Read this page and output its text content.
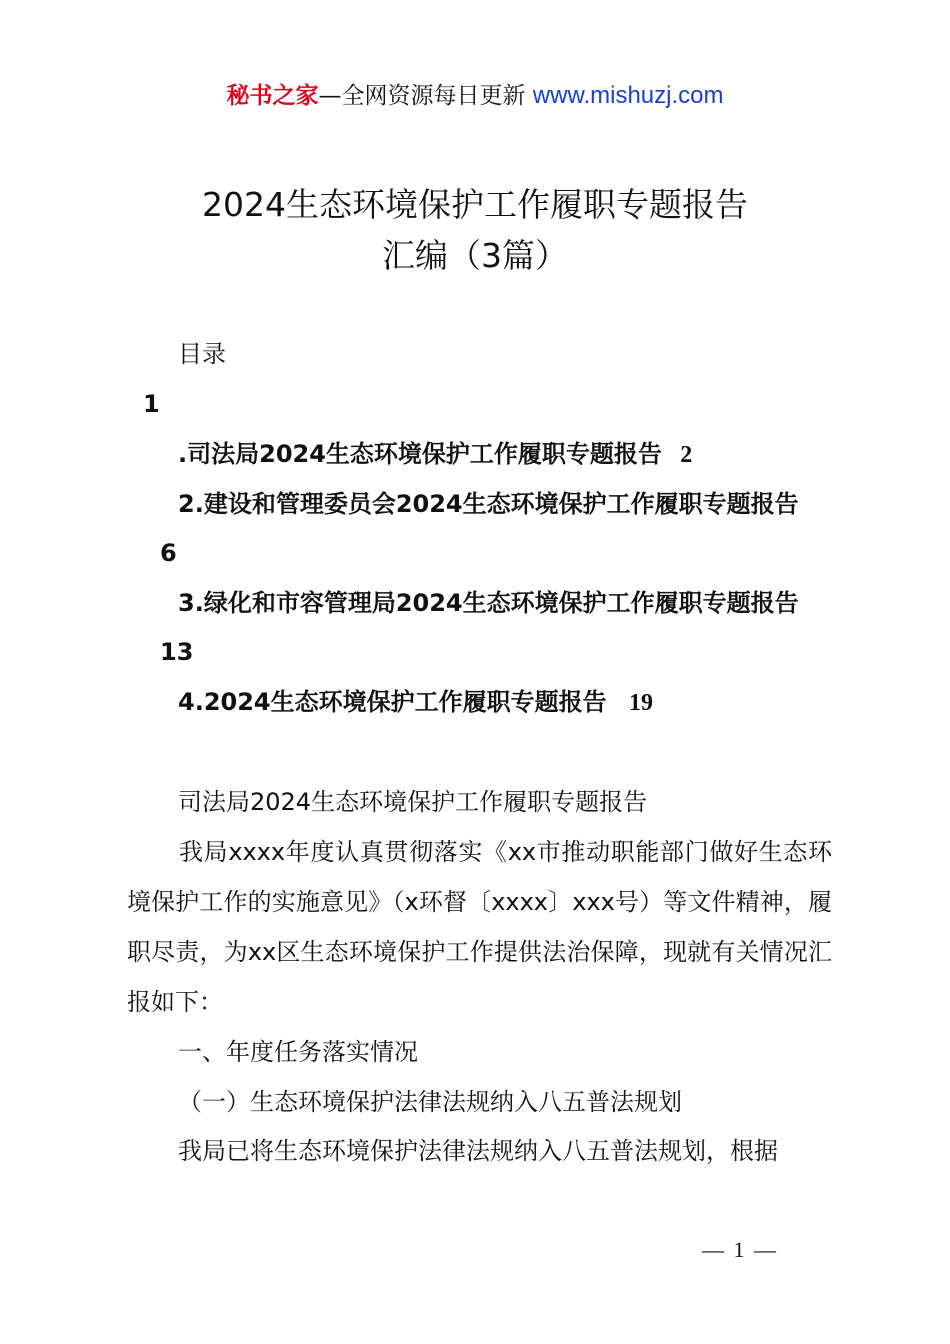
秘书之家—全网资源每日更新 www.mishuzj.com
2024生态环境保护工作履职专题报告
汇编（3篇）
目录
1
.司法局2024生态环境保护工作履职专题报告 2
2.建设和管理委员会2024生态环境保护工作履职专题报告
6
3.绿化和市容管理局2024生态环境保护工作履职专题报告
13
4.2024生态环境保护工作履职专题报告 19
司法局2024生态环境保护工作履职专题报告
我局xxxx年度认真贯彻落实《xx市推动职能部门做好生态环境保护工作的实施意见》（x环督〔xxxx〕xxx号）等文件精神，履职尽责，为xx区生态环境保护工作提供法治保障，现就有关情况汇报如下：
一、年度任务落实情况
（一）生态环境保护法律法规纳入八五普法规划
我局已将生态环境保护法律法规纳入八五普法规划，根据
— 1 —
